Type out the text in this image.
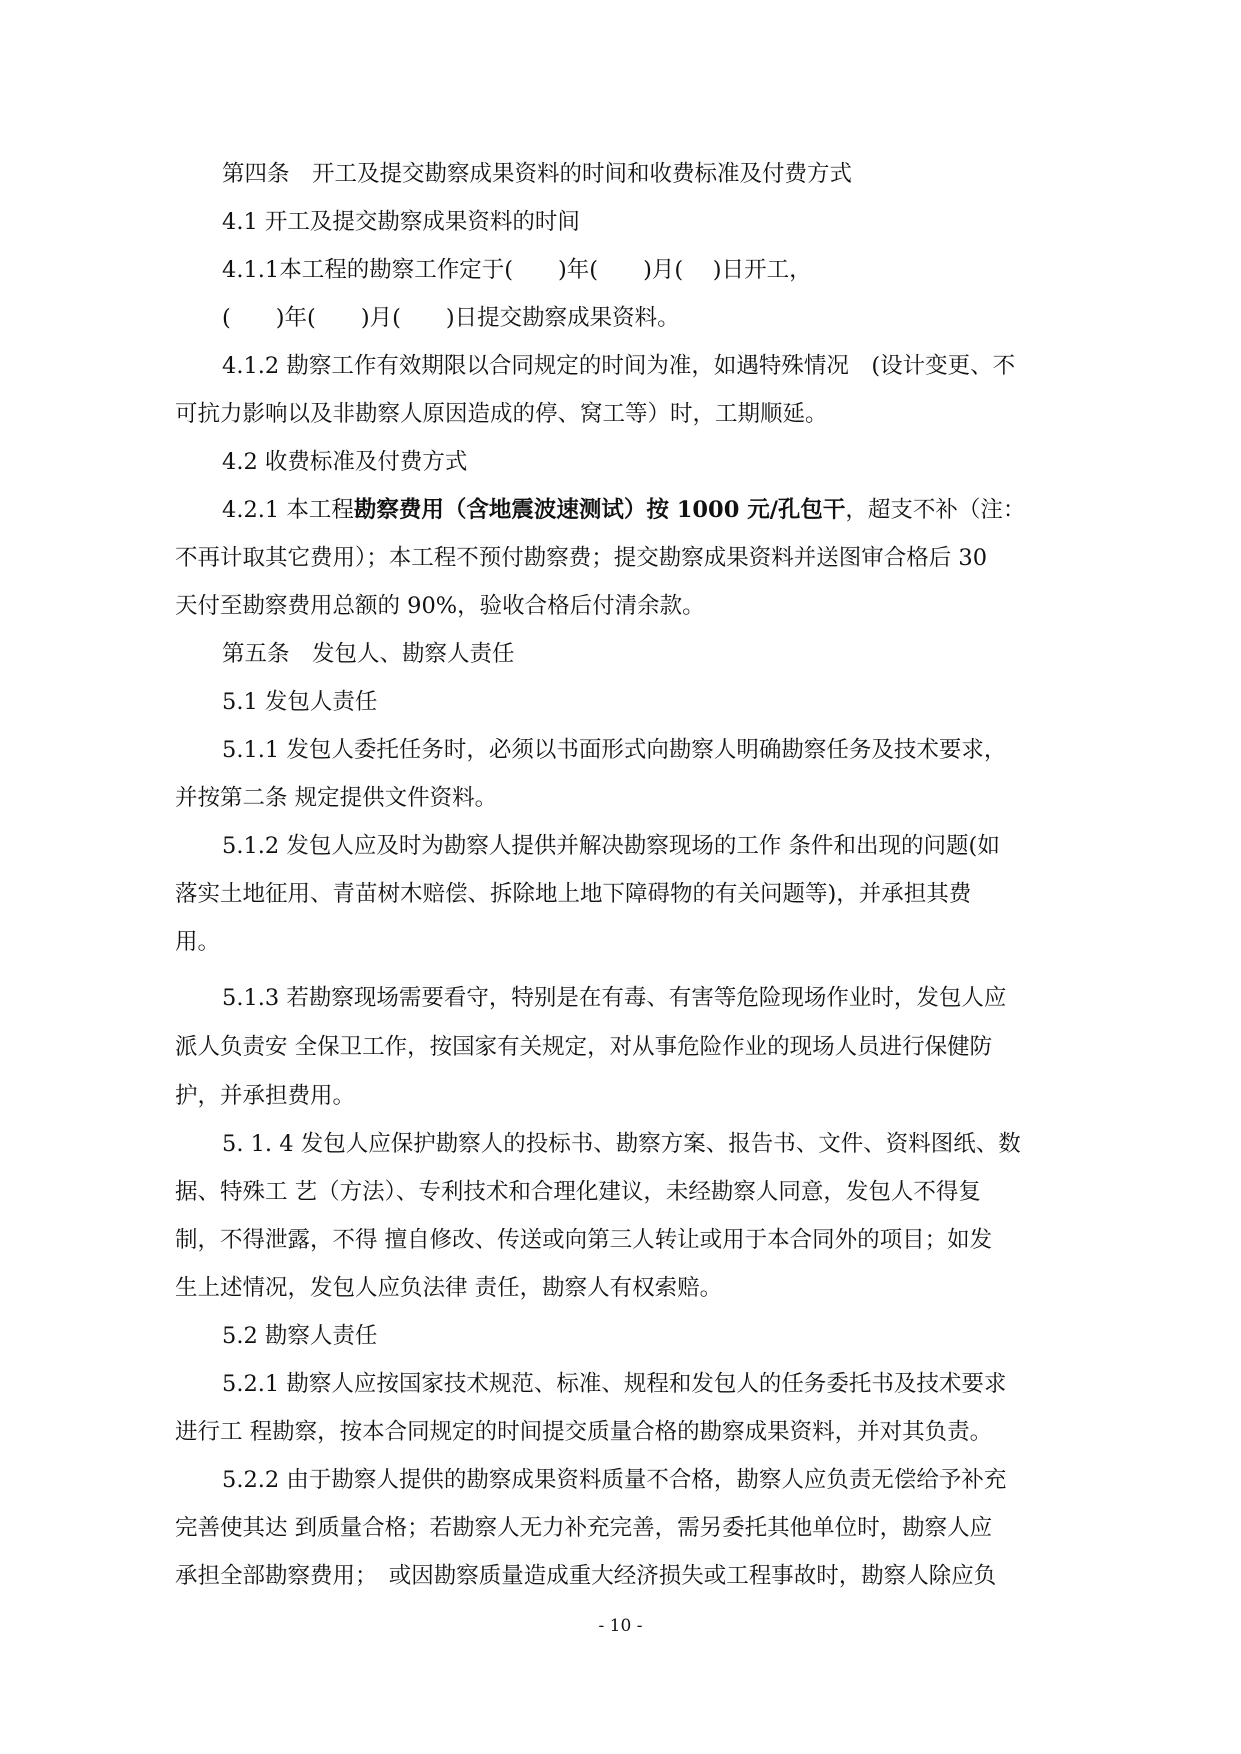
第四条　开工及提交勘察成果资料的时间和收费标准及付费方式
4.1 开工及提交勘察成果资料的时间
4.1.1本工程的勘察工作定于(　　)年(　　)月(　 )日开工，
(　　)年(　　)月(　　)日提交勘察成果资料。
4.1.2 勘察工作有效期限以合同规定的时间为准，如遇特殊情况　(设计变更、不
可抗力影响以及非勘察人原因造成的停、窝工等）时，工期顺延。
4.2 收费标准及付费方式
4.2.1 本工程勘察费用（含地震波速测试）按 1000 元/孔包干，超支不补（注：
不再计取其它费用）；本工程不预付勘察费；提交勘察成果资料并送图审合格后 30
天付至勘察费用总额的 90%，验收合格后付清余款。
第五条　发包人、勘察人责任
5.1 发包人责任
5.1.1 发包人委托任务时，必须以书面形式向勘察人明确勘察任务及技术要求，
并按第二条 规定提供文件资料。
5.1.2 发包人应及时为勘察人提供并解决勘察现场的工作 条件和出现的问题(如
落实土地征用、青苗树木赔偿、拆除地上地下障碍物的有关问题等)，并承担其费
用。
5.1.3 若勘察现场需要看守，特别是在有毒、有害等危险现场作业时，发包人应
派人负责安 全保卫工作，按国家有关规定，对从事危险作业的现场人员进行保健防
护，并承担费用。
5. 1. 4 发包人应保护勘察人的投标书、勘察方案、报告书、文件、资料图纸、数
据、特殊工 艺（方法）、专利技术和合理化建议，未经勘察人同意，发包人不得复
制，不得泄露，不得 擅自修改、传送或向第三人转让或用于本合同外的项目；如发
生上述情况，发包人应负法律 责任，勘察人有权索赔。
5.2 勘察人责任
5.2.1 勘察人应按国家技术规范、标准、规程和发包人的任务委托书及技术要求
进行工 程勘察，按本合同规定的时间提交质量合格的勘察成果资料，并对其负责。
5.2.2 由于勘察人提供的勘察成果资料质量不合格，勘察人应负责无偿给予补充
完善使其达 到质量合格；若勘察人无力补充完善，需另委托其他单位时，勘察人应
承担全部勘察费用；　或因勘察质量造成重大经济损失或工程事故时，勘察人除应负
- 10 -
